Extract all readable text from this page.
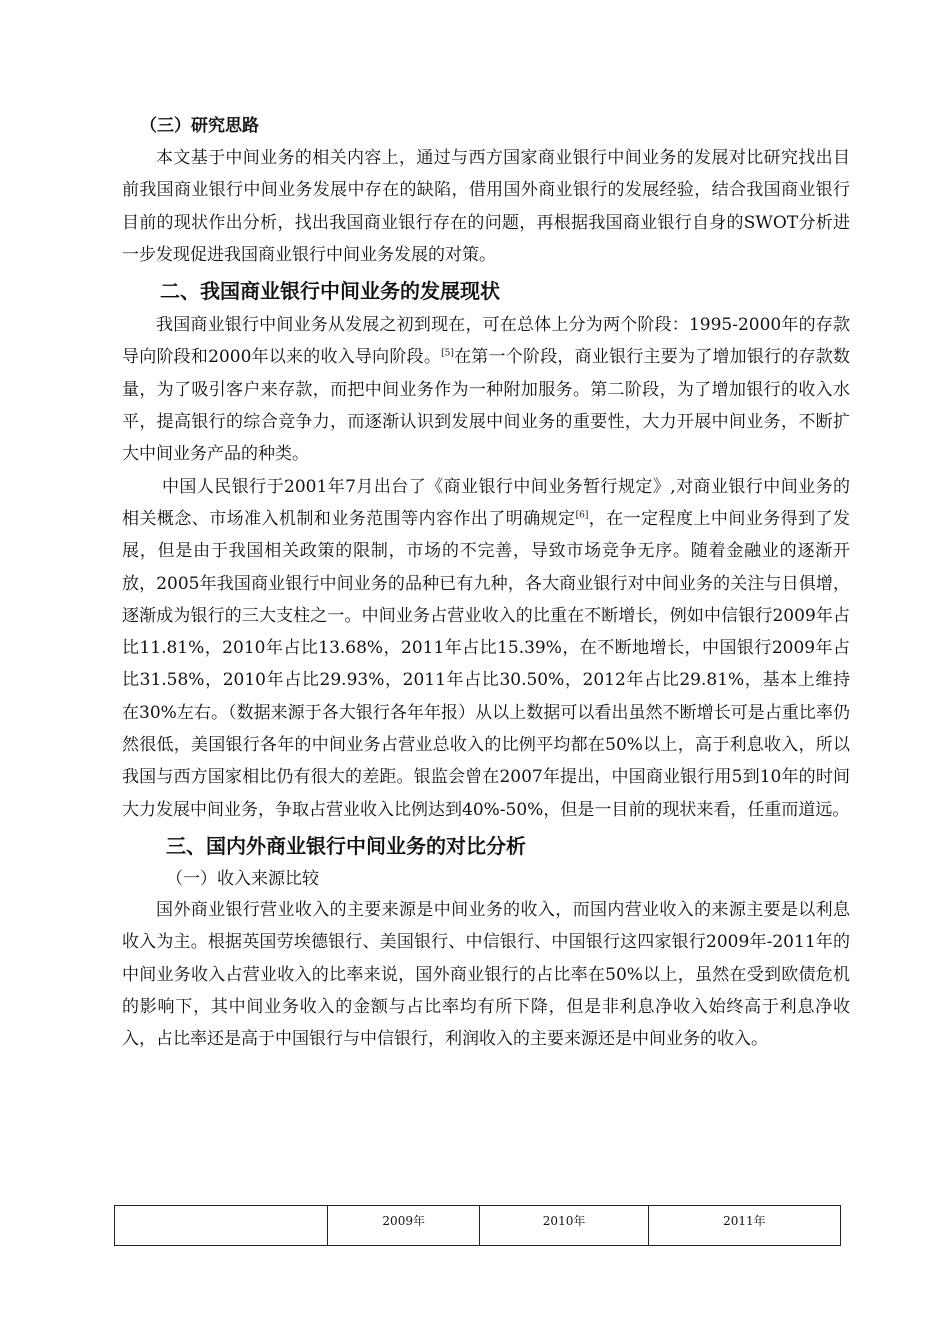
（三）研究思路

本文基于中间业务的相关内容上，通过与西方国家商业银行中间业务的发展对比研究找出目前我国商业银行中间业务发展中存在的缺陷，借用国外商业银行的发展经验，结合我国商业银行目前的现状作出分析，找出我国商业银行存在的问题，再根据我国商业银行自身的SWOT分析进一步发现促进我国商业银行中间业务发展的对策。

二、我国商业银行中间业务的发展现状

我国商业银行中间业务从发展之初到现在，可在总体上分为两个阶段：1995-2000年的存款导向阶段和2000年以来的收入导向阶段。[5]在第一个阶段，商业银行主要为了增加银行的存款数量，为了吸引客户来存款，而把中间业务作为一种附加服务。第二阶段，为了增加银行的收入水平，提高银行的综合竞争力，而逐渐认识到发展中间业务的重要性，大力开展中间业务，不断扩大中间业务产品的种类。

中国人民银行于2001年7月出台了《商业银行中间业务暂行规定》,对商业银行中间业务的相关概念、市场准入机制和业务范围等内容作出了明确规定[6]，在一定程度上中间业务得到了发展，但是由于我国相关政策的限制，市场的不完善，导致市场竞争无序。随着金融业的逐渐开放，2005年我国商业银行中间业务的品种已有九种，各大商业银行对中间业务的关注与日俱增，逐渐成为银行的三大支柱之一。中间业务占营业收入的比重在不断增长，例如中信银行2009年占比11.81%，2010年占比13.68%，2011年占比15.39%，在不断地增长，中国银行2009年占比31.58%，2010年占比29.93%，2011年占比30.50%，2012年占比29.81%，基本上维持在30%左右。（数据来源于各大银行各年年报）从以上数据可以看出虽然不断增长可是占重比率仍然很低，美国银行各年的中间业务占营业总收入的比例平均都在50%以上，高于利息收入，所以我国与西方国家相比仍有很大的差距。银监会曾在2007年提出，中国商业银行用5到10年的时间大力发展中间业务，争取占营业收入比例达到40%-50%，但是一目前的现状来看，任重而道远。

三、国内外商业银行中间业务的对比分析

（一）收入来源比较

国外商业银行营业收入的主要来源是中间业务的收入，而国内营业收入的来源主要是以利息收入为主。根据英国劳埃德银行、美国银行、中信银行、中国银行这四家银行2009年-2011年的中间业务收入占营业收入的比率来说，国外商业银行的占比率在50%以上，虽然在受到欧债危机的影响下，其中间业务收入的金额与占比率均有所下降，但是非利息净收入始终高于利息净收入，占比率还是高于中国银行与中信银行，利润收入的主要来源还是中间业务的收入。

	2009年	2010年	2011年
